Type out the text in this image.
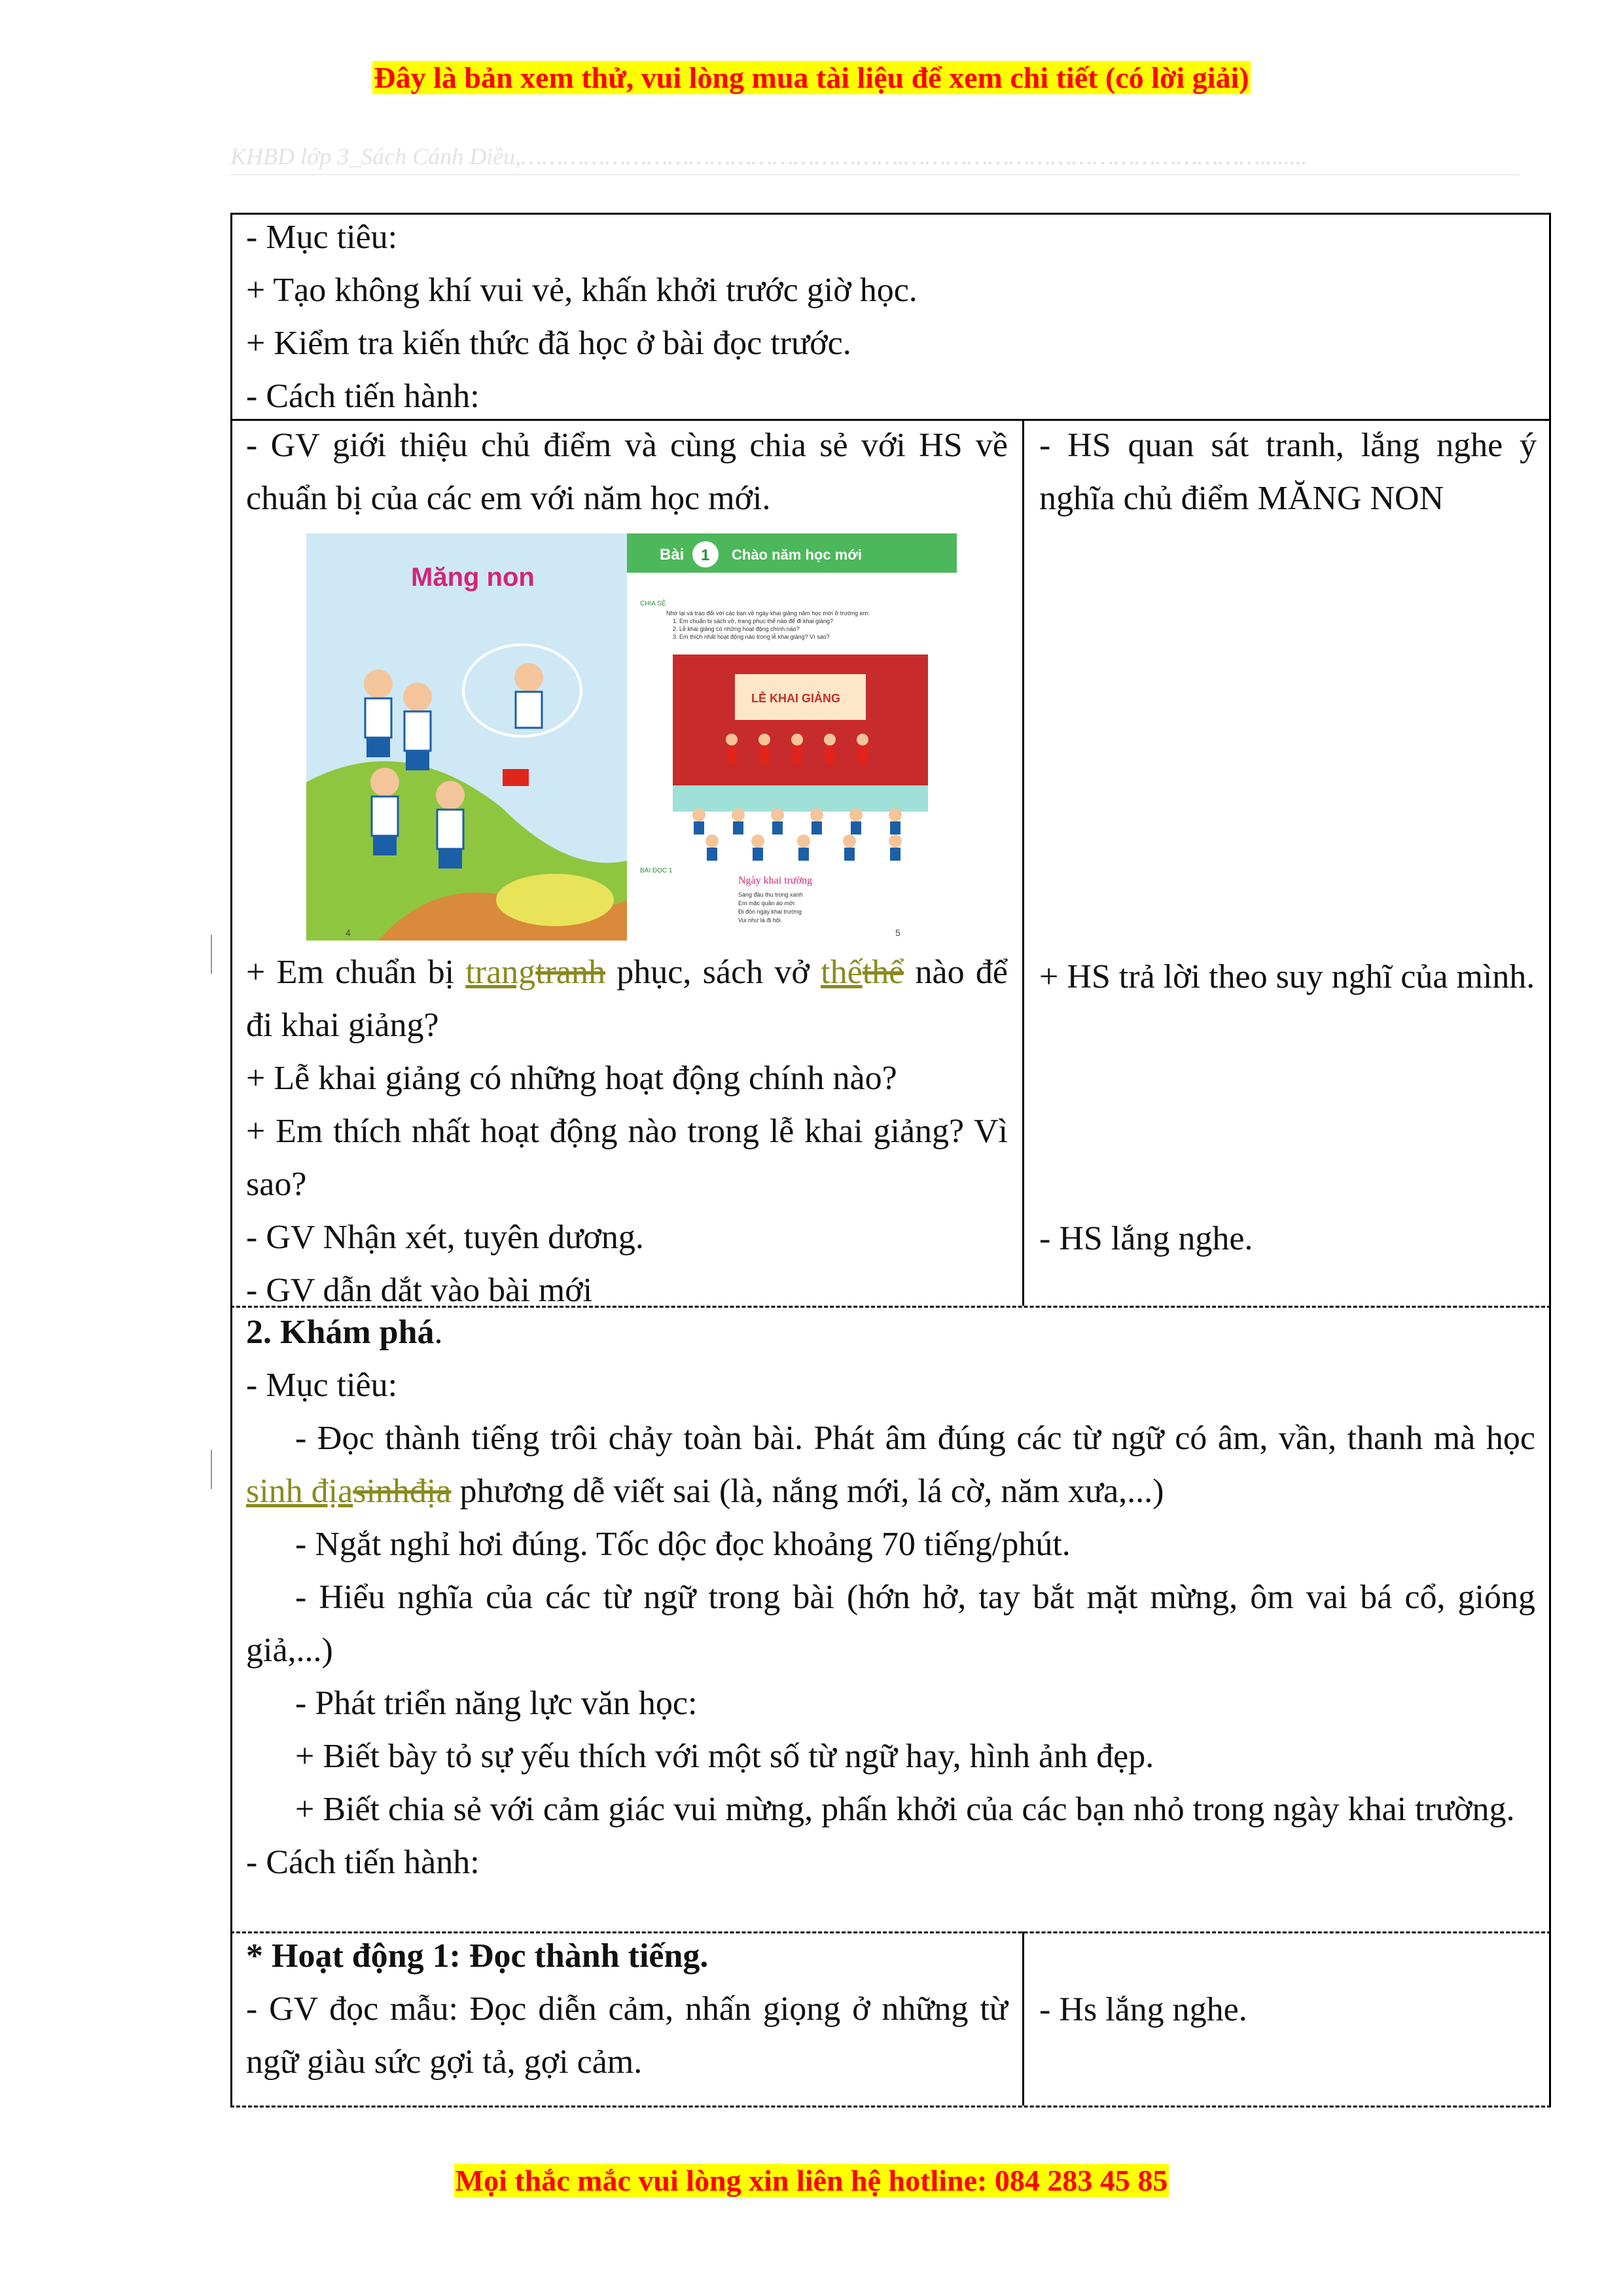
Đây là bản xem thử, vui lòng mua tài liệu để xem chi tiết (có lời giải)
KHBD lớp 3_Sách Cánh Diều,……………………………………………….……………………………………………........

- Mục tiêu:

+ Tạo không khí vui vẻ, khấn khởi trước giờ học.

+ Kiểm tra kiến thức đã học ở bài đọc trước.

- Cách tiến hành:

- GV giới thiệu chủ điểm và cùng chia sẻ với HS về chuẩn bị của các em với năm học mới.

Măng non
4
Bài 1 Chào năm học mới
CHIA SẺ
Nhớ lại và trao đổi với các bạn về ngày khai giảng năm học mới ở trường em:
1. Em chuẩn bị sách vở, trang phục thế nào để đi khai giảng?
2. Lễ khai giảng có những hoạt động chính nào?
3. Em thích nhất hoạt động nào trong lễ khai giảng? Vì sao?
LỄ KHAI GIẢNG
BÀI ĐỌC 1
Ngày khai trường
Sáng đầu thu trong xanh
Em mặc quần áo mới
Đi đón ngày khai trường
Vui như là đi hội.
5

+ Em chuẩn bị trangtranh phục, sách vở thếthể nào để đi khai giảng?

+ Lễ khai giảng có những hoạt động chính nào?

+ Em thích nhất hoạt động nào trong lễ khai giảng? Vì sao?

- GV Nhận xét, tuyên dương.

- GV dẫn dắt vào bài mới

- HS quan sát tranh, lắng nghe ý nghĩa chủ điểm MĂNG NON

+ HS trả lời theo suy nghĩ của mình.

- HS lắng nghe.

2. Khám phá.

- Mục tiêu:

- Đọc thành tiếng trôi chảy toàn bài. Phát âm đúng các từ ngữ có âm, vần, thanh mà học sinh địasinhđịa phương dễ viết sai (là, nắng mới, lá cờ, năm xưa,...)

- Ngắt nghỉ hơi đúng. Tốc dộc đọc khoảng 70 tiếng/phút.

- Hiểu nghĩa của các từ ngữ trong bài (hớn hở, tay bắt mặt mừng, ôm vai bá cổ, gióng giả,...)

- Phát triển năng lực văn học:

+ Biết bày tỏ sự yếu thích với một số từ ngữ hay, hình ảnh đẹp.

+ Biết chia sẻ với cảm giác vui mừng, phấn khởi của các bạn nhỏ trong ngày khai trường.

- Cách tiến hành:

* Hoạt động 1: Đọc thành tiếng.

- GV đọc mẫu: Đọc diễn cảm, nhấn giọng ở những từ ngữ giàu sức gợi tả, gợi cảm.

- Hs lắng nghe.

Mọi thắc mắc vui lòng xin liên hệ hotline: 084 283 45 85
